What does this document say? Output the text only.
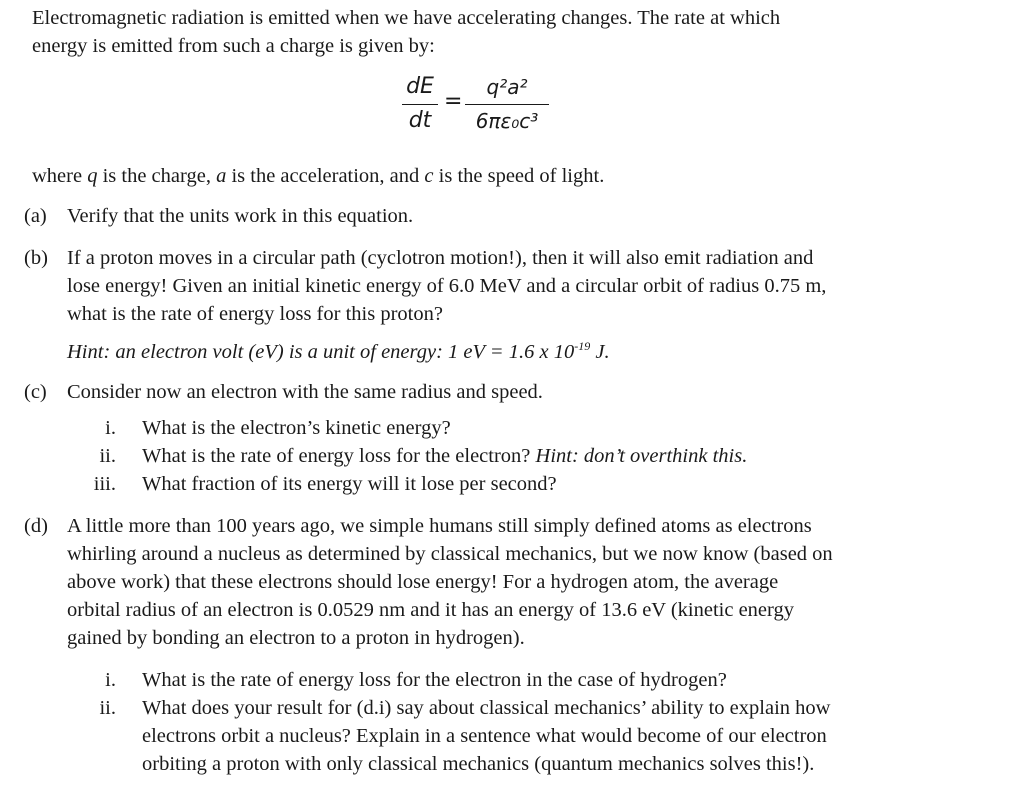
Electromagnetic radiation is emitted when we have accelerating changes. The rate at which
energy is emitted from such a charge is given by:

dE
dt
=
q²a²
6πε₀c³

where q is the charge, a is the acceleration, and c is the speed of light.

(a) Verify that the units work in this equation.

(b) If a proton moves in a circular path (cyclotron motion!), then it will also emit radiation and
lose energy! Given an initial kinetic energy of 6.0 MeV and a circular orbit of radius 0.75 m,
what is the rate of energy loss for this proton?

Hint: an electron volt (eV) is a unit of energy: 1 eV = 1.6 x $10^{-19}$ J.

(c) Consider now an electron with the same radius and speed.

i. What is the electron’s kinetic energy?

ii. What is the rate of energy loss for the electron? Hint: don’t overthink this.

iii. What fraction of its energy will it lose per second?

(d) A little more than 100 years ago, we simple humans still simply defined atoms as electrons
whirling around a nucleus as determined by classical mechanics, but we now know (based on
above work) that these electrons should lose energy! For a hydrogen atom, the average
orbital radius of an electron is 0.0529 nm and it has an energy of 13.6 eV (kinetic energy
gained by bonding an electron to a proton in hydrogen).

i. What is the rate of energy loss for the electron in the case of hydrogen?

ii. What does your result for (d.i) say about classical mechanics’ ability to explain how
electrons orbit a nucleus? Explain in a sentence what would become of our electron
orbiting a proton with only classical mechanics (quantum mechanics solves this!).
